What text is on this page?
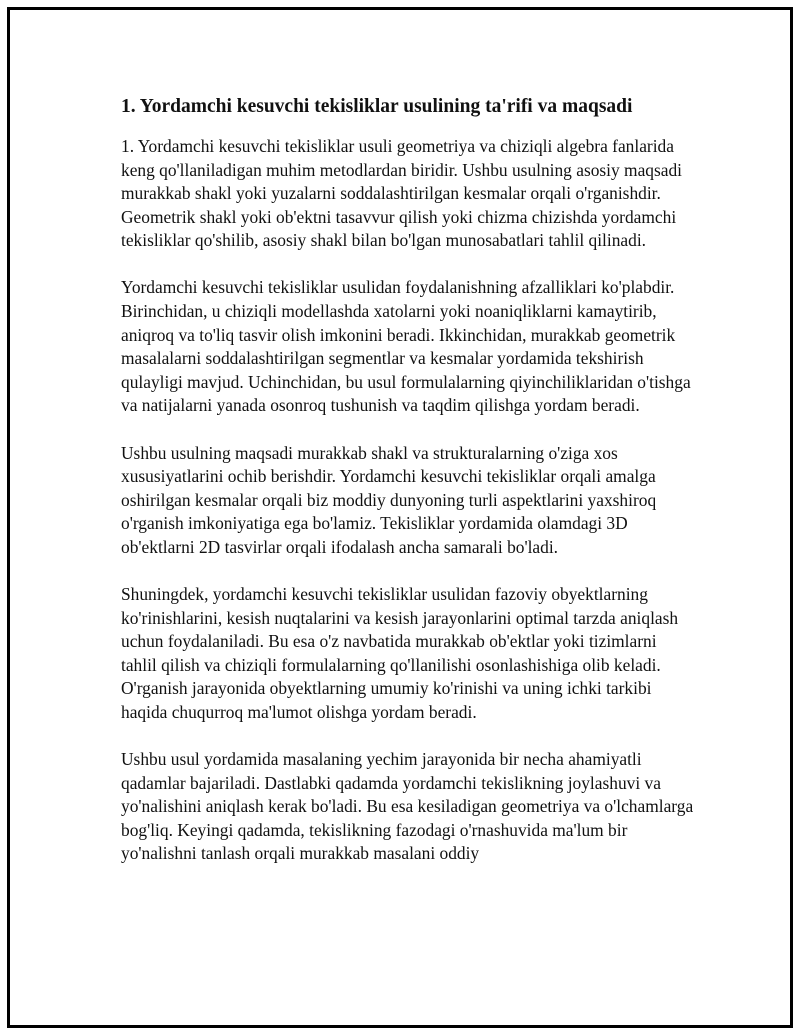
1. Yordamchi kesuvchi tekisliklar usulining ta'rifi va maqsadi

1. Yordamchi kesuvchi tekisliklar usuli geometriya va chiziqli algebra fanlarida keng qo'llaniladigan muhim metodlardan biridir. Ushbu usulning asosiy maqsadi murakkab shakl yoki yuzalarni soddalashtirilgan kesmalar orqali o'rganishdir. Geometrik shakl yoki ob'ektni tasavvur qilish yoki chizma chizishda yordamchi tekisliklar qo'shilib, asosiy shakl bilan bo'lgan munosabatlari tahlil qilinadi.

Yordamchi kesuvchi tekisliklar usulidan foydalanishning afzalliklari ko'plabdir. Birinchidan, u chiziqli modellashda xatolarni yoki noaniqliklarni kamaytirib, aniqroq va to'liq tasvir olish imkonini beradi. Ikkinchidan, murakkab geometrik masalalarni soddalashtirilgan segmentlar va kesmalar yordamida tekshirish qulayligi mavjud. Uchinchidan, bu usul formulalarning qiyinchiliklaridan o'tishga va natijalarni yanada osonroq tushunish va taqdim qilishga yordam beradi.

Ushbu usulning maqsadi murakkab shakl va strukturalarning o'ziga xos xususiyatlarini ochib berishdir. Yordamchi kesuvchi tekisliklar orqali amalga oshirilgan kesmalar orqali biz moddiy dunyoning turli aspektlarini yaxshiroq o'rganish imkoniyatiga ega bo'lamiz. Tekisliklar yordamida olamdagi 3D ob'ektlarni 2D tasvirlar orqali ifodalash ancha samarali bo'ladi.

Shuningdek, yordamchi kesuvchi tekisliklar usulidan fazoviy obyektlarning ko'rinishlarini, kesish nuqtalarini va kesish jarayonlarini optimal tarzda aniqlash uchun foydalaniladi. Bu esa o'z navbatida murakkab ob'ektlar yoki tizimlarni tahlil qilish va chiziqli formulalarning qo'llanilishi osonlashishiga olib keladi. O'rganish jarayonida obyektlarning umumiy ko'rinishi va uning ichki tarkibi haqida chuqurroq ma'lumot olishga yordam beradi.

Ushbu usul yordamida masalaning yechim jarayonida bir necha ahamiyatli qadamlar bajariladi. Dastlabki qadamda yordamchi tekislikning joylashuvi va yo'nalishini aniqlash kerak bo'ladi. Bu esa kesiladigan geometriya va o'lchamlarga bog'liq. Keyingi qadamda, tekislikning fazodagi o'rnashuvida ma'lum bir yo'nalishni tanlash orqali murakkab masalani oddiy
